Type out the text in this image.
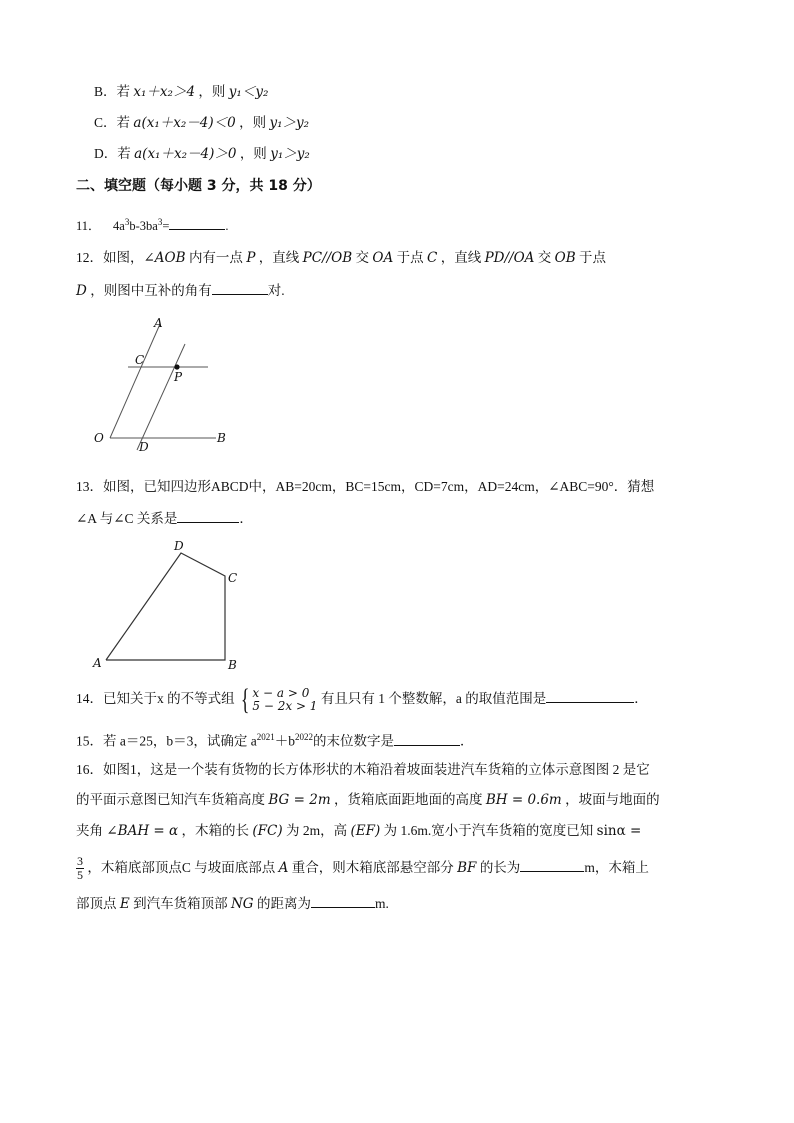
B．若 x₁＋x₂＞4 ，则 y₁＜y₂
C．若 a(x₁＋x₂－4)＜0 ，则 y₁＞y₂
D．若 a(x₁＋x₂－4)＞0 ，则 y₁＞y₂
二、填空题（每小题 3 分，共 18 分）
11． $4a^3b-3ba^3=$	.
12．如图，∠AOB 内有一点 P ，直线 PC//OB 交 OA 于点 C ，直线 PD//OA 交 OB 于点
D ，则图中互补的角有	对.
A
C
P
O
D
B
13．如图，已知四边形ABCD中，AB=20cm，BC=15cm，CD=7cm，AD=24cm，∠ABC=90°．猜想
∠A 与∠C 关系是	．
D
C
A	B
14．已知关于x 的不等式组 { x − a > 0
5 − 2x > 1 有且只有 1 个整数解，a 的取值范围是	．
15．若 a＝25，b＝3，试确定 $a^{2021}+b^{2022}$的末位数字是	．
16．如图1，这是一个装有货物的长方体形状的木箱沿着坡面装进汽车货箱的立体示意图图 2 是它
的平面示意图已知汽车货箱高度 BG = 2m ，货箱底面距地面的高度 BH = 0.6m ，坡面与地面的
夹角 ∠BAH = α ，木箱的长 (FC) 为 2m，高 (EF) 为 1.6m.宽小于汽车货箱的宽度已知 sinα =
$\frac{3}{5}$ ，木箱底部顶点C 与坡面底部点 A 重合，则木箱底部悬空部分 BF 的长为	m，木箱上
部顶点 E 到汽车货箱顶部 NG 的距离为	m.
